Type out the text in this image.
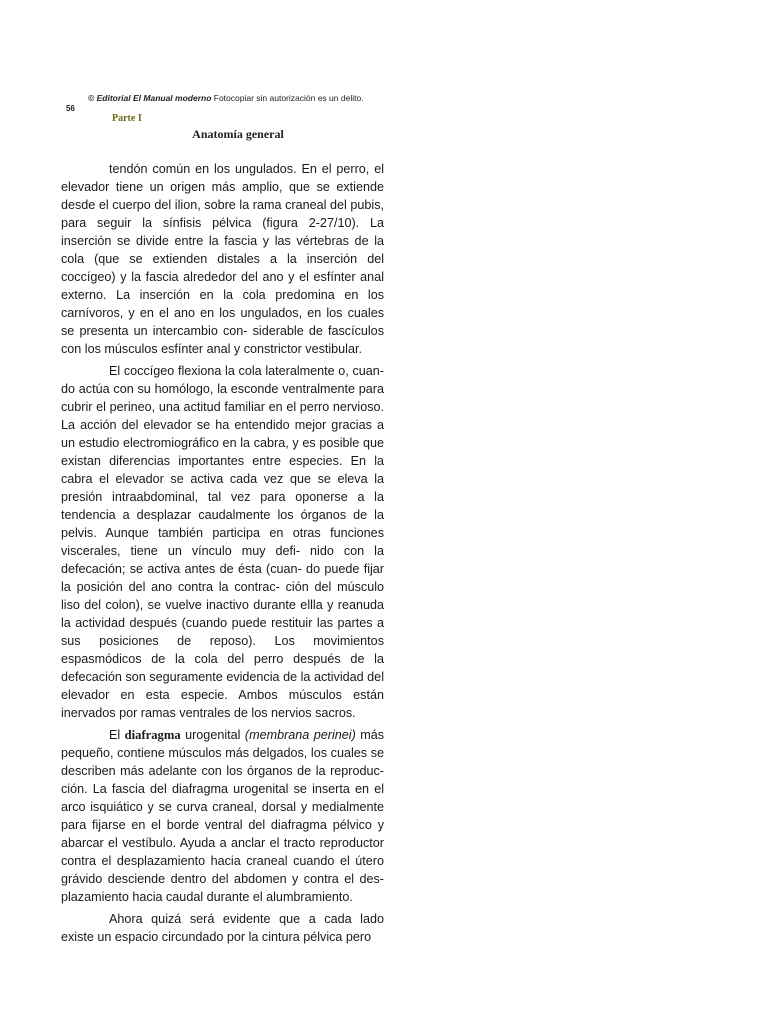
© Editorial El Manual moderno Fotocopiar sin autorización es un delito.
56
Parte I
Anatomía general

tendón común en los ungulados. En el perro, el elevador tiene un origen más amplio, que se extiende desde el cuerpo del ilion, sobre la rama craneal del pubis, para seguir la sínfisis pélvica (figura 2-27/10). La inserción se divide entre la fascia y las vértebras de la cola (que se extienden distales a la inserción del coccígeo) y la fascia alrededor del ano y el esfínter anal externo. La inserción en la cola predomina en los carnívoros, y en el ano en los ungulados, en los cuales se presenta un intercambio con- siderable de fascículos con los músculos esfínter anal y constrictor vestibular.

El coccígeo flexiona la cola lateralmente o, cuan- do actúa con su homólogo, la esconde ventralmente para cubrir el perineo, una actitud familiar en el perro nervioso. La acción del elevador se ha entendido mejor gracias a un estudio electromiográfico en la cabra, y es posible que existan diferencias importantes entre especies. En la cabra el elevador se activa cada vez que se eleva la presión intraabdominal, tal vez para oponerse a la tendencia a desplazar caudalmente los órganos de la pelvis. Aunque también participa en otras funciones viscerales, tiene un vínculo muy defi- nido con la defecación; se activa antes de ésta (cuan- do puede fijar la posición del ano contra la contrac- ción del músculo liso del colon), se vuelve inactivo durante ellla y reanuda la actividad después (cuando puede restituir las partes a sus posiciones de reposo). Los movimientos espasmódicos de la cola del perro después de la defecación son seguramente evidencia de la actividad del elevador en esta especie. Ambos músculos están inervados por ramas ventrales de los nervios sacros.

El diafragma urogenital (membrana perinei) más pequeño, contiene músculos más delgados, los cuales se describen más adelante con los órganos de la reproduc- ción. La fascia del diafragma urogenital se inserta en el arco isquiático y se curva craneal, dorsal y medialmente para fijarse en el borde ventral del diafragma pélvico y abarcar el vestíbulo. Ayuda a anclar el tracto reproductor contra el desplazamiento hacia craneal cuando el útero grávido desciende dentro del abdomen y contra el des- plazamiento hacia caudal durante el alumbramiento.

Ahora quizá será evidente que a cada lado existe un espacio circundado por la cintura pélvica pero
